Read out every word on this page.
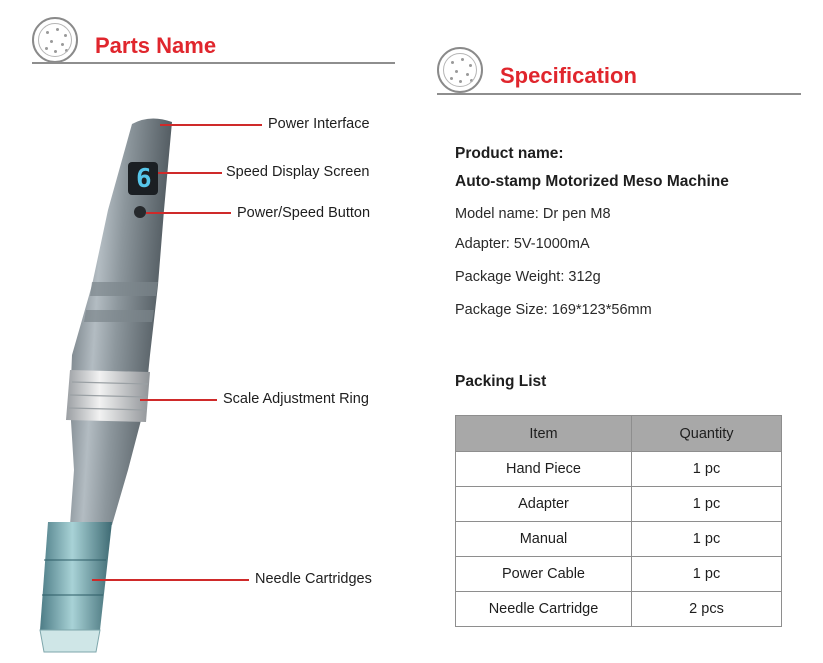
Parts Name
Specification
6
Power Interface
Speed Display Screen
Power/Speed Button
Scale Adjustment Ring
Needle Cartridges
Product name:
Auto-stamp Motorized Meso Machine
Model name: Dr pen M8
Adapter: 5V-1000mA
Package Weight: 312g
Package Size: 169*123*56mm
Packing List
Item	Quantity
Hand Piece	1 pc
Adapter	1 pc
Manual	1 pc
Power Cable	1 pc
Needle Cartridge	2 pcs
